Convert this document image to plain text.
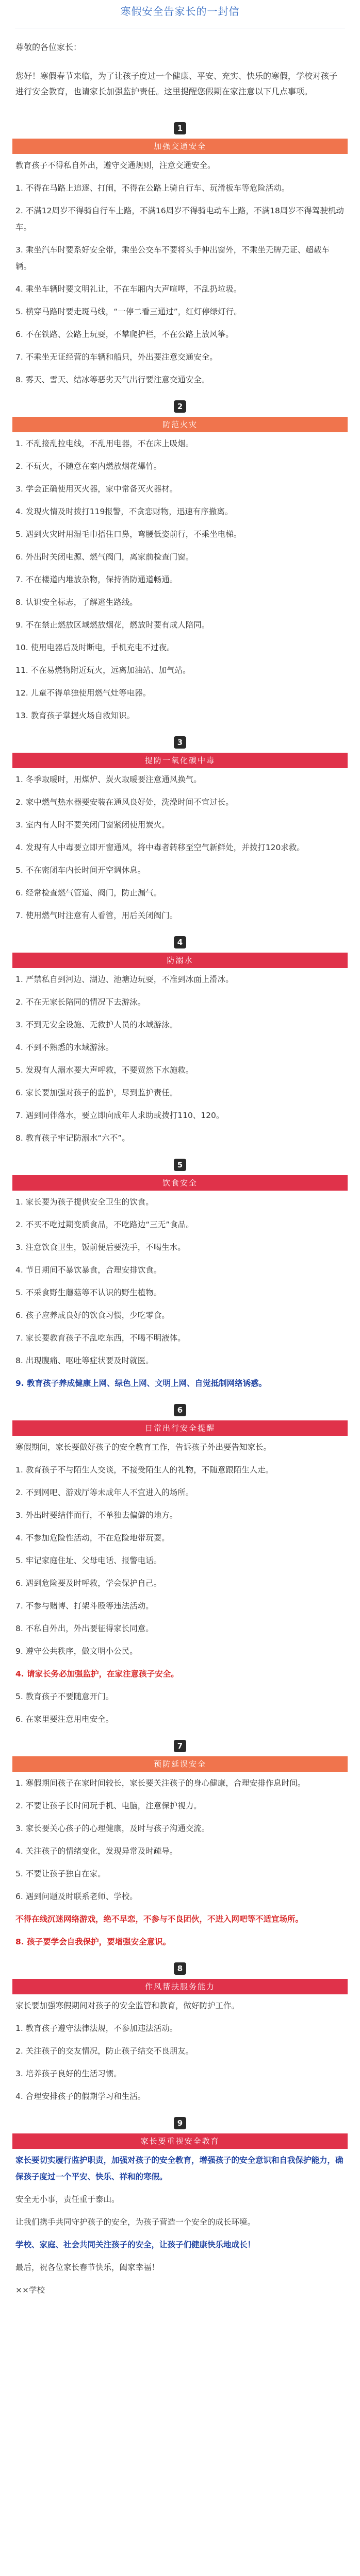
寒假安全告家长的一封信

尊敬的各位家长：

您好！寒假春节来临，为了让孩子度过一个健康、平安、充实、快乐的寒假，学校对孩子进行安全教育，也请家长加强监护责任。这里提醒您假期在家注意以下几点事项。

1
加强交通安全

教育孩子不得私自外出，遵守交通规则，注意交通安全。

1. 不得在马路上追逐、打闹，不得在公路上骑自行车、玩滑板车等危险活动。

2. 不满12周岁不得骑自行车上路，不满16周岁不得骑电动车上路，不满18周岁不得驾驶机动车。

3. 乘坐汽车时要系好安全带，乘坐公交车不要将头手伸出窗外，不乘坐无牌无证、超载车辆。

4. 乘坐车辆时要文明礼让，不在车厢内大声喧哗，不乱扔垃圾。

5. 横穿马路时要走斑马线，“一停二看三通过”，红灯停绿灯行。

6. 不在铁路、公路上玩耍，不攀爬护栏，不在公路上放风筝。

7. 不乘坐无证经营的车辆和船只，外出要注意交通安全。

8. 雾天、雪天、结冰等恶劣天气出行要注意交通安全。

2
防范火灾

1. 不乱接乱拉电线，不乱用电器，不在床上吸烟。

2. 不玩火，不随意在室内燃放烟花爆竹。

3. 学会正确使用灭火器，家中常备灭火器材。

4. 发现火情及时拨打119报警，不贪恋财物，迅速有序撤离。

5. 遇到火灾时用湿毛巾捂住口鼻，弯腰低姿前行，不乘坐电梯。

6. 外出时关闭电源、燃气阀门，离家前检查门窗。

7. 不在楼道内堆放杂物，保持消防通道畅通。

8. 认识安全标志，了解逃生路线。

9. 不在禁止燃放区域燃放烟花，燃放时要有成人陪同。

10. 使用电器后及时断电，手机充电不过夜。

11. 不在易燃物附近玩火，远离加油站、加气站。

12. 儿童不得单独使用燃气灶等电器。

13. 教育孩子掌握火场自救知识。

3
提防一氧化碳中毒

1. 冬季取暖时，用煤炉、炭火取暖要注意通风换气。

2. 家中燃气热水器要安装在通风良好处，洗澡时间不宜过长。

3. 室内有人时不要关闭门窗紧闭使用炭火。

4. 发现有人中毒要立即开窗通风，将中毒者转移至空气新鲜处，并拨打120求救。

5. 不在密闭车内长时间开空调休息。

6. 经常检查燃气管道、阀门，防止漏气。

7. 使用燃气时注意有人看管，用后关闭阀门。

4
防溺水

1. 严禁私自到河边、湖边、池塘边玩耍，不准到冰面上滑冰。

2. 不在无家长陪同的情况下去游泳。

3. 不到无安全设施、无救护人员的水域游泳。

4. 不到不熟悉的水域游泳。

5. 发现有人溺水要大声呼救，不要贸然下水施救。

6. 家长要加强对孩子的监护，尽到监护责任。

7. 遇到同伴落水，要立即向成年人求助或拨打110、120。

8. 教育孩子牢记防溺水“六不”。

5
饮食安全

1. 家长要为孩子提供安全卫生的饮食。

2. 不买不吃过期变质食品，不吃路边“三无”食品。

3. 注意饮食卫生，饭前便后要洗手，不喝生水。

4. 节日期间不暴饮暴食，合理安排饮食。

5. 不采食野生蘑菇等不认识的野生植物。

6. 孩子应养成良好的饮食习惯，少吃零食。

7. 家长要教育孩子不乱吃东西，不喝不明液体。

8. 出现腹痛、呕吐等症状要及时就医。

9. 教育孩子养成健康上网、绿色上网、文明上网、自觉抵制网络诱惑。

6
日常出行安全提醒

寒假期间，家长要做好孩子的安全教育工作，告诉孩子外出要告知家长。

1. 教育孩子不与陌生人交谈，不接受陌生人的礼物，不随意跟陌生人走。

2. 不到网吧、游戏厅等未成年人不宜进入的场所。

3. 外出时要结伴而行，不单独去偏僻的地方。

4. 不参加危险性活动，不在危险地带玩耍。

5. 牢记家庭住址、父母电话、报警电话。

6. 遇到危险要及时呼救，学会保护自己。

7. 不参与赌博、打架斗殴等违法活动。

8. 不私自外出，外出要征得家长同意。

9. 遵守公共秩序，做文明小公民。

4. 请家长务必加强监护，在家注意孩子安全。

5. 教育孩子不要随意开门。

6. 在家里要注意用电安全。

7
预防延误安全

1. 寒假期间孩子在家时间较长，家长要关注孩子的身心健康，合理安排作息时间。

2. 不要让孩子长时间玩手机、电脑，注意保护视力。

3. 家长要关心孩子的心理健康，及时与孩子沟通交流。

4. 关注孩子的情绪变化，发现异常及时疏导。

5. 不要让孩子独自在家。

6. 遇到问题及时联系老师、学校。

不得在线沉迷网络游戏，绝不早恋，不参与不良团伙，不进入网吧等不适宜场所。

8. 孩子要学会自我保护，要增强安全意识。

8
作风帮扶服务能力

家长要加强寒假期间对孩子的安全监管和教育，做好防护工作。

1. 教育孩子遵守法律法规，不参加违法活动。

2. 关注孩子的交友情况，防止孩子结交不良朋友。

3. 培养孩子良好的生活习惯。

4. 合理安排孩子的假期学习和生活。

9
家长要重视安全教育

家长要切实履行监护职责，加强对孩子的安全教育，增强孩子的安全意识和自我保护能力，确保孩子度过一个平安、快乐、祥和的寒假。

安全无小事，责任重于泰山。

让我们携手共同守护孩子的安全，为孩子营造一个安全的成长环境。

学校、家庭、社会共同关注孩子的安全，让孩子们健康快乐地成长！

最后，祝各位家长春节快乐，阖家幸福！

××学校
